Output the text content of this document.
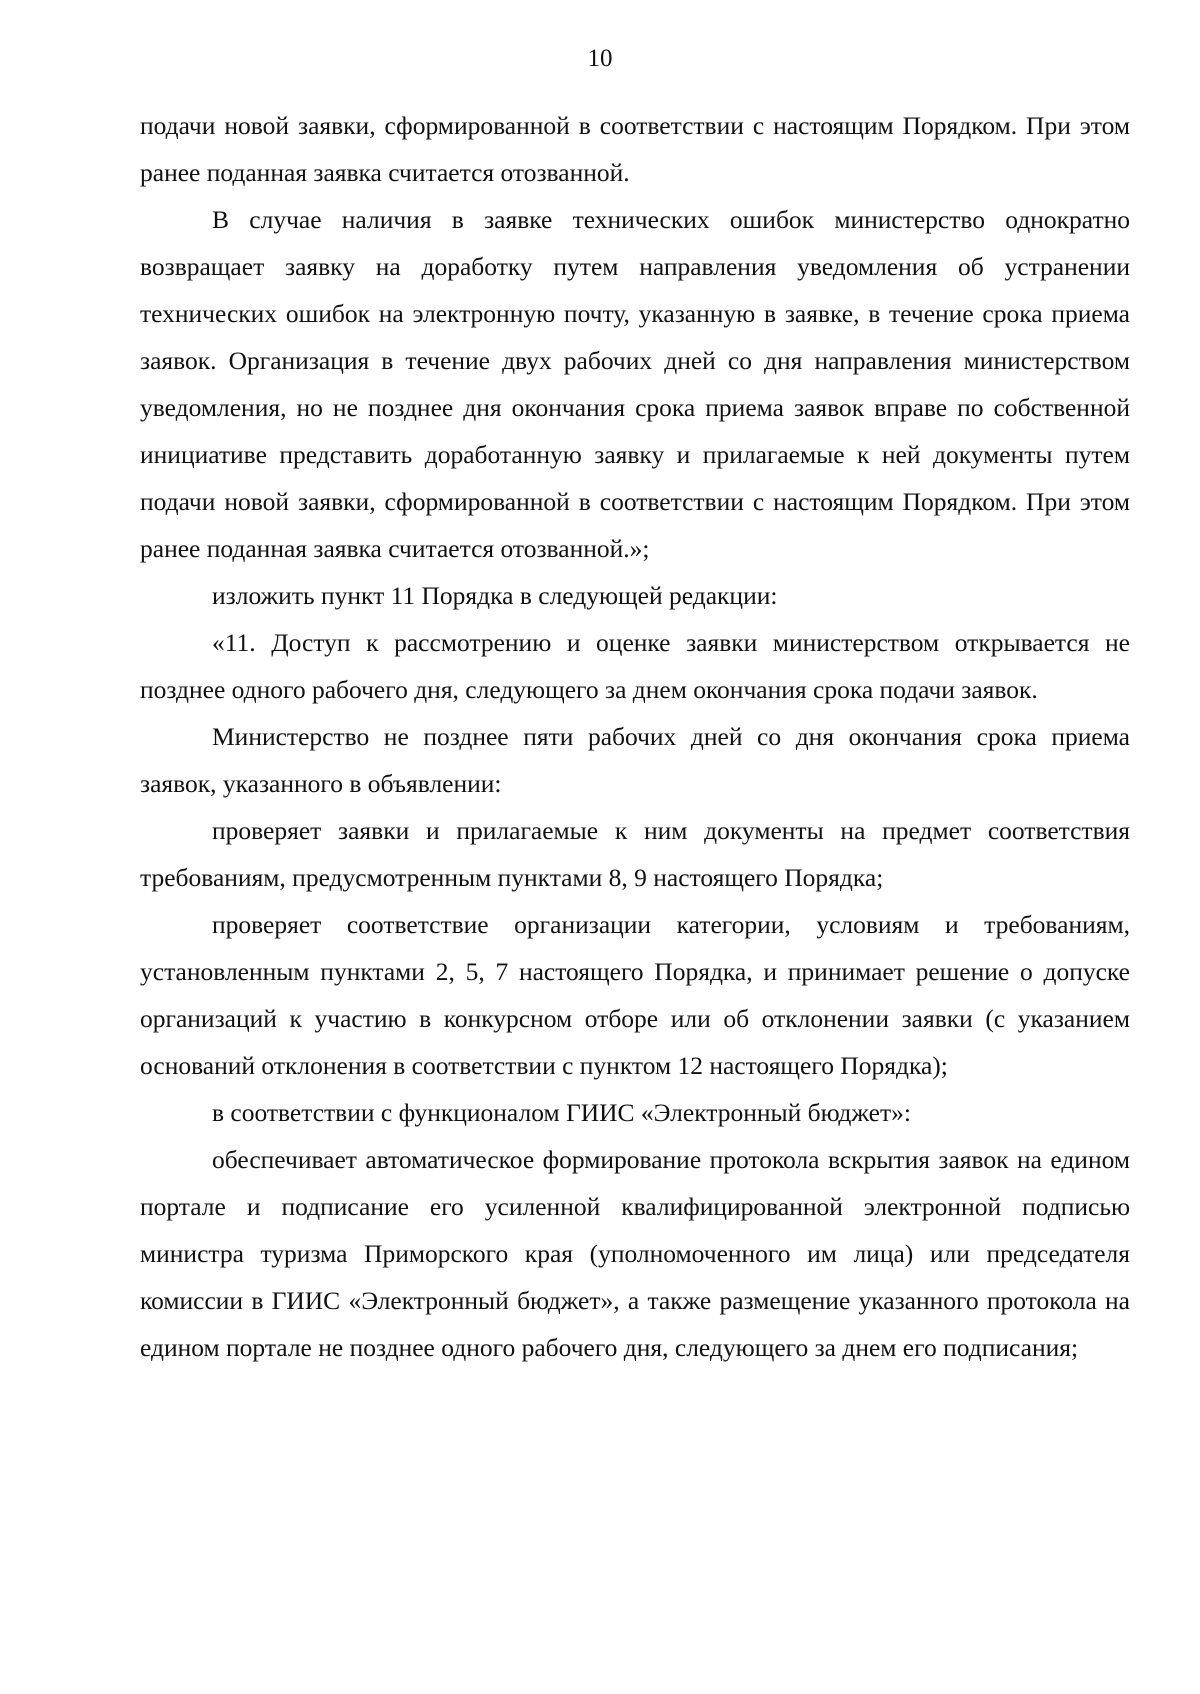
10

подачи новой заявки, сформированной в соответствии с настоящим Порядком. При этом ранее поданная заявка считается отозванной.

В случае наличия в заявке технических ошибок министерство однократно возвращает заявку на доработку путем направления уведомления об устранении технических ошибок на электронную почту, указанную в заявке, в течение срока приема заявок. Организация в течение двух рабочих дней со дня направления министерством уведомления, но не позднее дня окончания срока приема заявок вправе по собственной инициативе представить доработанную заявку и прилагаемые к ней документы путем подачи новой заявки, сформированной в соответствии с настоящим Порядком. При этом ранее поданная заявка считается отозванной.»;

изложить пункт 11 Порядка в следующей редакции:

«11. Доступ к рассмотрению и оценке заявки министерством открывается не позднее одного рабочего дня, следующего за днем окончания срока подачи заявок.

Министерство не позднее пяти рабочих дней со дня окончания срока приема заявок, указанного в объявлении:

проверяет заявки и прилагаемые к ним документы на предмет соответствия требованиям, предусмотренным пунктами 8, 9 настоящего Порядка;

проверяет соответствие организации категории, условиям и требованиям, установленным пунктами 2, 5, 7 настоящего Порядка, и принимает решение о допуске организаций к участию в конкурсном отборе или об отклонении заявки (с указанием оснований отклонения в соответствии с пунктом 12 настоящего Порядка);

в соответствии с функционалом ГИИС «Электронный бюджет»:

обеспечивает автоматическое формирование протокола вскрытия заявок на едином портале и подписание его усиленной квалифицированной электронной подписью министра туризма Приморского края (уполномоченного им лица) или председателя комиссии в ГИИС «Электронный бюджет», а также размещение указанного протокола на едином портале не позднее одного рабочего дня, следующего за днем его подписания;
